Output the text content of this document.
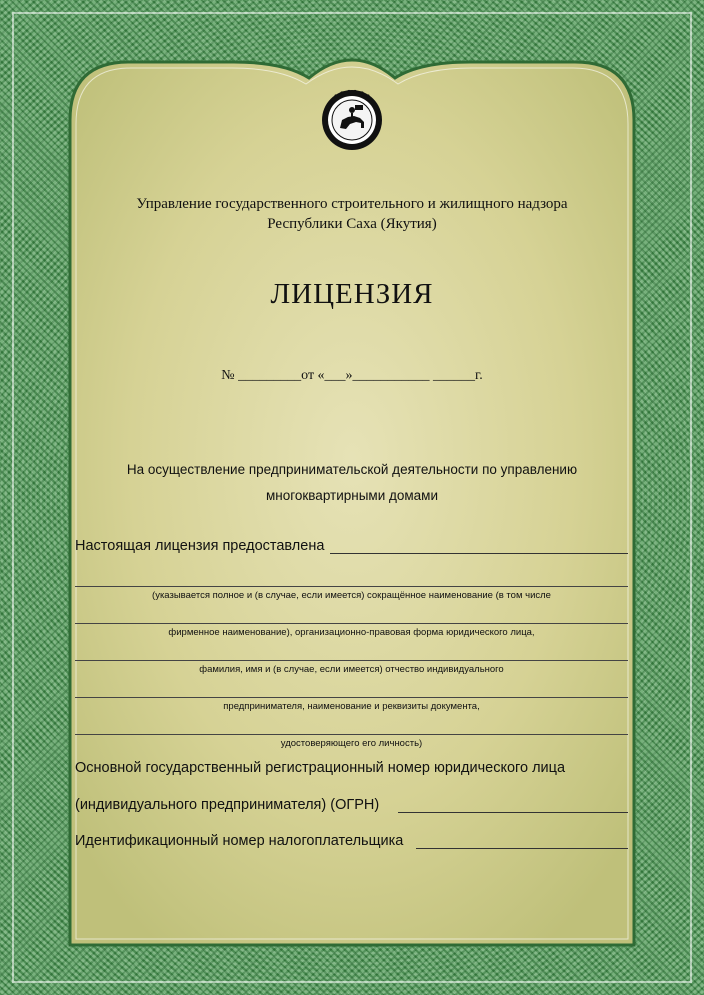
Управление государственного строительного и жилищного надзора
Республики Саха (Якутия)
ЛИЦЕНЗИЯ
№ _________от «___»___________ ______г.
На осуществление предпринимательской деятельности по управлению
многоквартирными домами
Настоящая лицензия предоставлена
(указывается полное и (в случае, если имеется) сокращённое наименование (в том числе
фирменное наименование), организационно-правовая форма юридического лица,
фамилия, имя и (в случае, если имеется) отчество индивидуального
предпринимателя, наименование и реквизиты документа,
удостоверяющего его личность)
Основной государственный регистрационный номер юридического лица
(индивидуального предпринимателя) (ОГРН)
Идентификационный номер налогоплательщика
